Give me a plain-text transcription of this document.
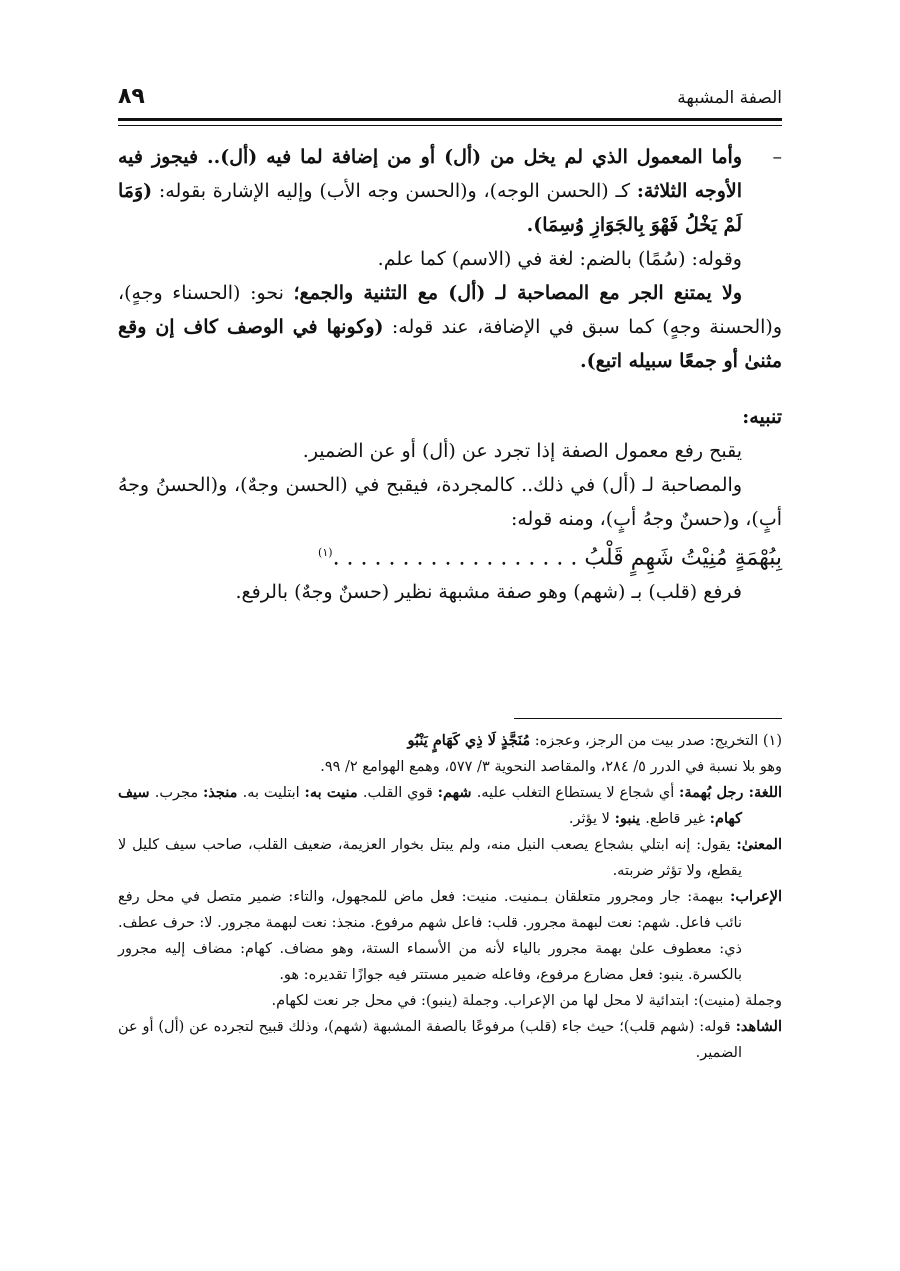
الصفة المشبهة
٨٩

–
وأما المعمول الذي لم يخل من (أل) أو من إضافة لما فيه (أل).. فيجوز فيه الأوجه الثلاثة: كـ (الحسن الوجه)، و(الحسن وجه الأب) وإليه الإشارة بقوله: (وَمَا لَمْ يَخْلُ فَهْوَ بِالجَوَازِ وُسِمَا).

وقوله: (سُمًا) بالضم: لغة في (الاسم) كما علم.

ولا يمتنع الجر مع المصاحبة لـ (أل) مع التثنية والجمع؛ نحو: (الحسناء وجهٍ)، و(الحسنة وجهٍ) كما سبق في الإضافة، عند قوله: (وكونها في الوصف كاف إن وقع مثنىٰ أو جمعًا سبيله اتبع).

تنبيه:

يقبح رفع معمول الصفة إذا تجرد عن (أل) أو عن الضمير.

والمصاحبة لـ (أل) في ذلك.. كالمجردة، فيقبح في (الحسن وجهٌ)، و(الحسنُ وجهُ أبٍ)، و(حسنٌ وجهُ أبٍ)، ومنه قوله:

بِبُهْمَةٍ مُنِيْتُ شَهِمٍ قَلْبُ . . . . . . . . . . . . . . . . . .$^{(١)}$

فرفع (قلب) بـ (شهم) وهو صفة مشبهة نظير (حسنٌ وجهٌ) بالرفع.

(١) التخريج: صدر بيت من الرجز، وعجزه: مُنَجَّذٍ لَا ذِي كَهَامٍ يَنْبُو

وهو بلا نسبة في الدرر ٥/ ٢٨٤، والمقاصد النحوية ٣/ ٥٧٧، وهمع الهوامع ٢/ ٩٩.

اللغة: رجل بُهمة: أي شجاع لا يستطاع التغلب عليه. شهم: قوي القلب. منيت به: ابتليت به. منجذ: مجرب. سيف كهام: غير قاطع. ينبو: لا يؤثر.

المعنىٰ: يقول: إنه ابتلي بشجاع يصعب النيل منه، ولم يبتل بخوار العزيمة، ضعيف القلب، صاحب سيف كليل لا يقطع، ولا تؤثر ضربته.

الإعراب: ببهمة: جار ومجرور متعلقان بـمنيت. منيت: فعل ماض للمجهول، والتاء: ضمير متصل في محل رفع نائب فاعل. شهم: نعت لبهمة مجرور. قلب: فاعل شهم مرفوع. منجذ: نعت لبهمة مجرور. لا: حرف عطف. ذي: معطوف علىٰ بهمة مجرور بالياء لأنه من الأسماء الستة، وهو مضاف. كهام: مضاف إليه مجرور بالكسرة. ينبو: فعل مضارع مرفوع، وفاعله ضمير مستتر فيه جوازًا تقديره: هو.

وجملة (منيت): ابتدائية لا محل لها من الإعراب. وجملة (ينبو): في محل جر نعت لكهام.

الشاهد: قوله: (شهم قلب)؛ حيث جاء (قلب) مرفوعًا بالصفة المشبهة (شهم)، وذلك قبيح لتجرده عن (أل) أو عن الضمير.
